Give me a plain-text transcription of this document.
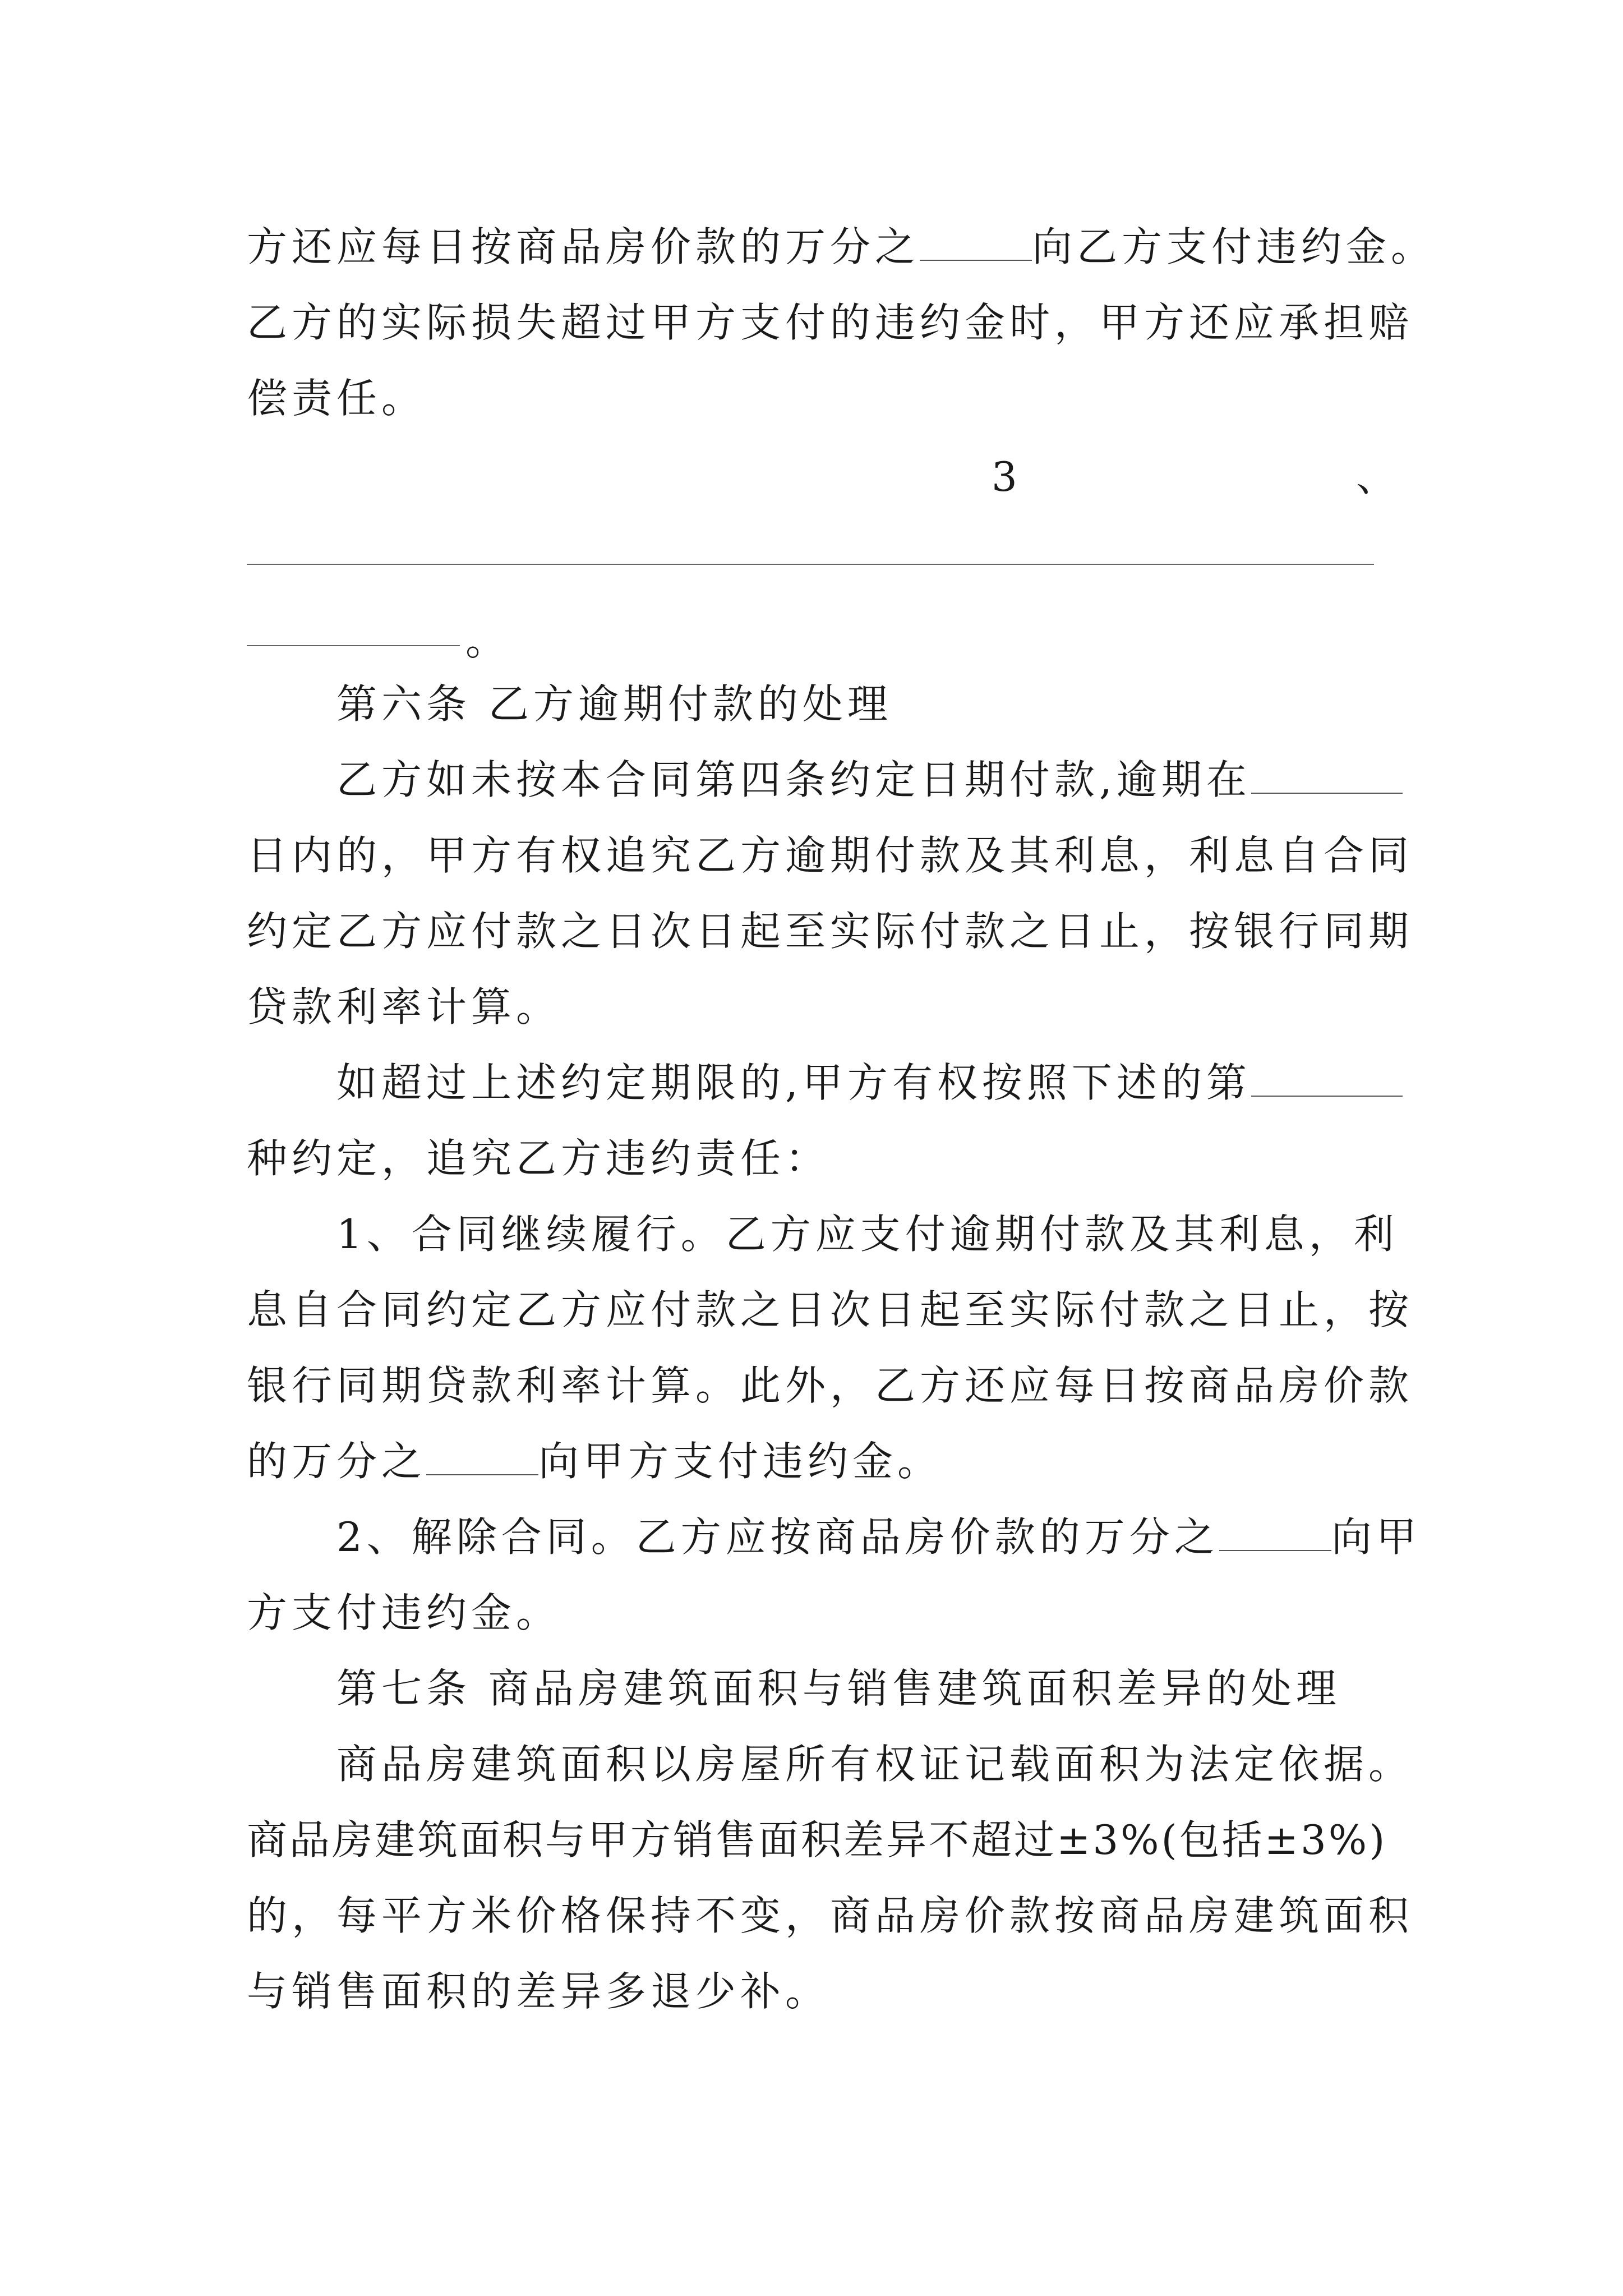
方还应每日按商品房价款的万分之	向乙方支付违约金。
乙方的实际损失超过甲方支付的违约金时，甲方还应承担赔
偿责任。
3	、
。
第六条 乙方逾期付款的处理
乙方如未按本合同第四条约定日期付款,逾期在
日内的，甲方有权追究乙方逾期付款及其利息，利息自合同
约定乙方应付款之日次日起至实际付款之日止，按银行同期
贷款利率计算。
如超过上述约定期限的,甲方有权按照下述的第
种约定，追究乙方违约责任：
1、合同继续履行。乙方应支付逾期付款及其利息，利
息自合同约定乙方应付款之日次日起至实际付款之日止，按
银行同期贷款利率计算。此外，乙方还应每日按商品房价款
的万分之	向甲方支付违约金。
2、解除合同。乙方应按商品房价款的万分之	向甲
方支付违约金。
第七条 商品房建筑面积与销售建筑面积差异的处理
商品房建筑面积以房屋所有权证记载面积为法定依据。
商品房建筑面积与甲方销售面积差异不超过±3%(包括±3%)
的，每平方米价格保持不变，商品房价款按商品房建筑面积
与销售面积的差异多退少补。
